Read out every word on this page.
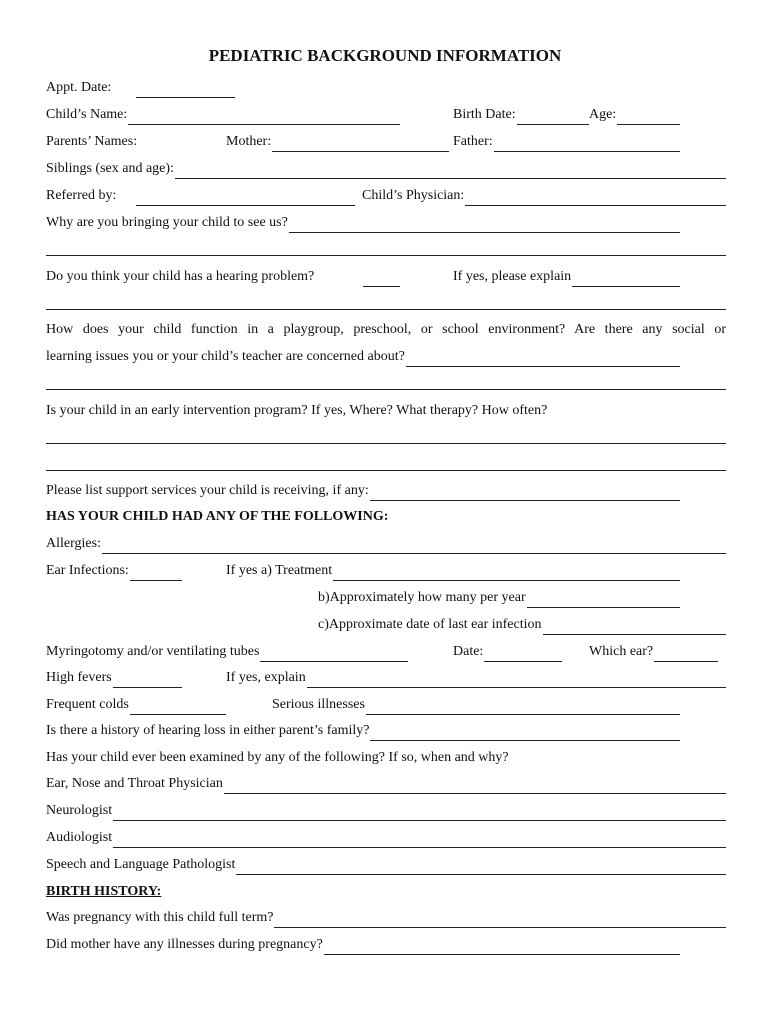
PEDIATRIC BACKGROUND INFORMATION
Appt. Date:
Child’s Name:	Birth Date:	Age:
Parents’ Names:	Mother:	Father:
Siblings (sex and age):
Referred by:	Child’s Physician:
Why are you bringing your child to see us?
Do you think your child has a hearing problem?	If yes, please explain
How does your child function in a playgroup, preschool, or school environment? Are there any social or
learning issues you or your child’s teacher are concerned about?
Is your child in an early intervention program? If yes, Where? What therapy? How often?
Please list support services your child is receiving, if any:
HAS YOUR CHILD HAD ANY OF THE FOLLOWING:
Allergies:
Ear Infections:	If yes a) Treatment
b)Approximately how many per year
c)Approximate date of last ear infection
Myringotomy and/or ventilating tubes	Date:	Which ear?
High fevers	If yes, explain
Frequent colds	Serious illnesses
Is there a history of hearing loss in either parent’s family?
Has your child ever been examined by any of the following? If so, when and why?
Ear, Nose and Throat Physician
Neurologist
Audiologist
Speech and Language Pathologist
BIRTH HISTORY:
Was pregnancy with this child full term?
Did mother have any illnesses during pregnancy?
